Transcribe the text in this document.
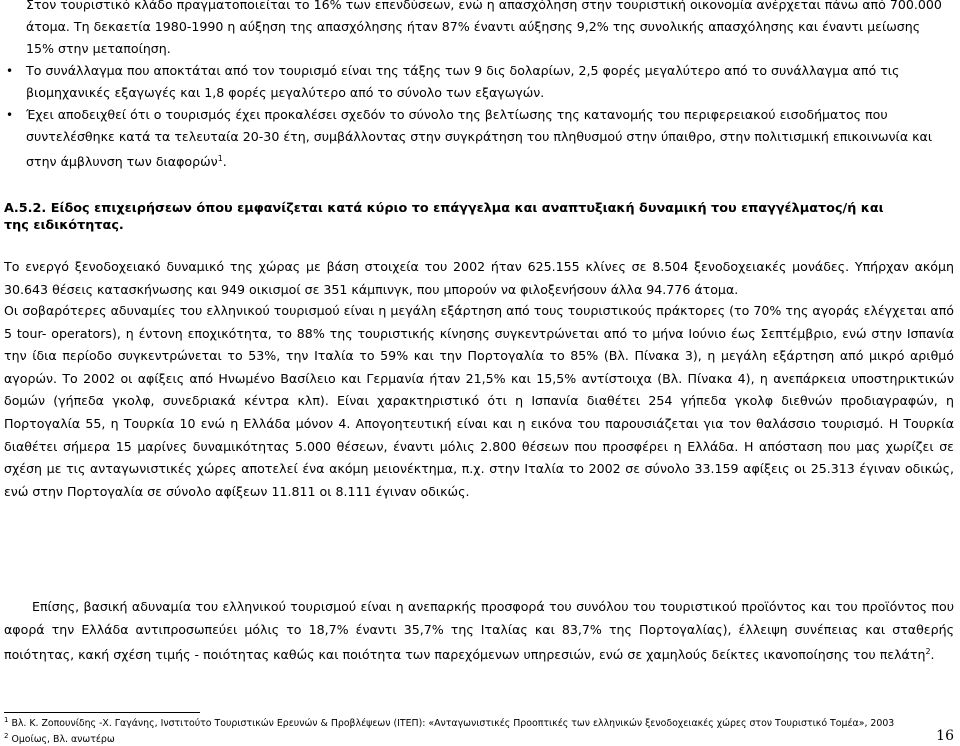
Στον τουριστικό κλάδο πραγματοποιείται το 16% των επενδύσεων, ενώ η απασχόληση στην τουριστική οικονομία ανέρχεται πάνω από 700.000 άτομα. Τη δεκαετία 1980-1990 η αύξηση της απασχόλησης ήταν 87% έναντι αύξησης 9,2% της συνολικής απασχόλησης και έναντι μείωσης 15% στην μεταποίηση.
• Το συνάλλαγμα που αποκτάται από τον τουρισμό είναι της τάξης των 9 δις δολαρίων, 2,5 φορές μεγαλύτερο από το συνάλλαγμα από τις βιομηχανικές εξαγωγές και 1,8 φορές μεγαλύτερο από το σύνολο των εξαγωγών.
• Έχει αποδειχθεί ότι ο τουρισμός έχει προκαλέσει σχεδόν το σύνολο της βελτίωσης της κατανομής του περιφερειακού εισοδήματος που συντελέσθηκε κατά τα τελευταία 20-30 έτη, συμβάλλοντας στην συγκράτηση του πληθυσμού στην ύπαιθρο, στην πολιτισμική επικοινωνία και στην άμβλυνση των διαφορών$^1$.
Α.5.2. Είδος επιχειρήσεων όπου εμφανίζεται κατά κύριο το επάγγελμα και αναπτυξιακή δυναμική του επαγγέλματος/ή και της ειδικότητας.
Το ενεργό ξενοδοχειακό δυναμικό της χώρας με βάση στοιχεία του 2002 ήταν 625.155 κλίνες σε 8.504 ξενοδοχειακές μονάδες. Υπήρχαν ακόμη 30.643 θέσεις κατασκήνωσης και 949 οικισμοί σε 351 κάμπινγκ, που μπορούν να φιλοξενήσουν άλλα 94.776 άτομα.
Οι σοβαρότερες αδυναμίες του ελληνικού τουρισμού είναι η μεγάλη εξάρτηση από τους τουριστικούς πράκτορες (το 70% της αγοράς ελέγχεται από 5 tour- operators), η έντονη εποχικότητα, το 88% της τουριστικής κίνησης συγκεντρώνεται από το μήνα Ιούνιο έως Σεπτέμβριο, ενώ στην Ισπανία την ίδια περίοδο συγκεντρώνεται το 53%, την Ιταλία το 59% και την Πορτογαλία το 85% (Βλ. Πίνακα 3), η μεγάλη εξάρτηση από μικρό αριθμό αγορών. Το 2002 οι αφίξεις από Ηνωμένο Βασίλειο και Γερμανία ήταν 21,5% και 15,5% αντίστοιχα (Βλ. Πίνακα 4), η ανεπάρκεια υποστηρικτικών δομών (γήπεδα γκολφ, συνεδριακά κέντρα κλπ). Είναι χαρακτηριστικό ότι η Ισπανία διαθέτει 254 γήπεδα γκολφ διεθνών προδιαγραφών, η Πορτογαλία 55, η Τουρκία 10 ενώ η Ελλάδα μόνον 4. Απογοητευτική είναι και η εικόνα του παρουσιάζεται για τον θαλάσσιο τουρισμό. Η Τουρκία διαθέτει σήμερα 15 μαρίνες δυναμικότητας 5.000 θέσεων, έναντι μόλις 2.800 θέσεων που προσφέρει η Ελλάδα. Η απόσταση που μας χωρίζει σε σχέση με τις ανταγωνιστικές χώρες αποτελεί ένα ακόμη μειονέκτημα, π.χ. στην Ιταλία το 2002 σε σύνολο 33.159 αφίξεις οι 25.313 έγιναν οδικώς, ενώ στην Πορτογαλία σε σύνολο αφίξεων 11.811 οι 8.111 έγιναν οδικώς.
Επίσης, βασική αδυναμία του ελληνικού τουρισμού είναι η ανεπαρκής προσφορά του συνόλου του τουριστικού προϊόντος και του προϊόντος που αφορά την Ελλάδα αντιπροσωπεύει μόλις το 18,7% έναντι 35,7% της Ιταλίας και 83,7% της Πορτογαλίας), έλλειψη συνέπειας και σταθερής ποιότητας, κακή σχέση τιμής - ποιότητας καθώς και ποιότητα των παρεχόμενων υπηρεσιών, ενώ σε χαμηλούς δείκτες ικανοποίησης του πελάτη$^2$.
$^1$ Βλ. Κ. Ζοπουνίδης -Χ. Γαγάνης, Ινστιτούτο Τουριστικών Ερευνών & Προβλέψεων (ΙΤΕΠ): «Ανταγωνιστικές Προοπτικές των ελληνικών ξενοδοχειακές χώρες στον Τουριστικό Τομέα», 2003
$^2$ Ομοίως, Βλ. ανωτέρω	16
